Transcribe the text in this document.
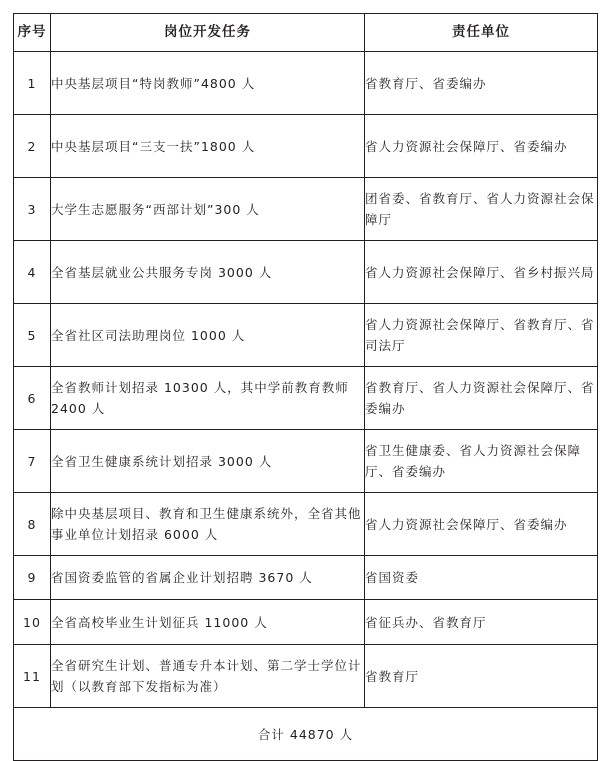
序号	岗位开发任务	责任单位
1	中央基层项目“特岗教师”4800 人	省教育厅、省委编办
2	中央基层项目“三支一扶”1800 人	省人力资源社会保障厅、省委编办
3	大学生志愿服务“西部计划”300 人	团省委、省教育厅、省人力资源社会保障厅
4	全省基层就业公共服务专岗 3000 人	省人力资源社会保障厅、省乡村振兴局
5	全省社区司法助理岗位 1000 人	省人力资源社会保障厅、省教育厅、省司法厅
6	全省教师计划招录 10300 人，其中学前教育教师 2400 人	省教育厅、省人力资源社会保障厅、省委编办
7	全省卫生健康系统计划招录 3000 人	省卫生健康委、省人力资源社会保障厅、省委编办
8	除中央基层项目、教育和卫生健康系统外，全省其他事业单位计划招录 6000 人	省人力资源社会保障厅、省委编办
9	省国资委监管的省属企业计划招聘 3670 人	省国资委
10	全省高校毕业生计划征兵 11000 人	省征兵办、省教育厅
11	全省研究生计划、普通专升本计划、第二学士学位计划（以教育部下发指标为准）	省教育厅
合计 44870 人		
